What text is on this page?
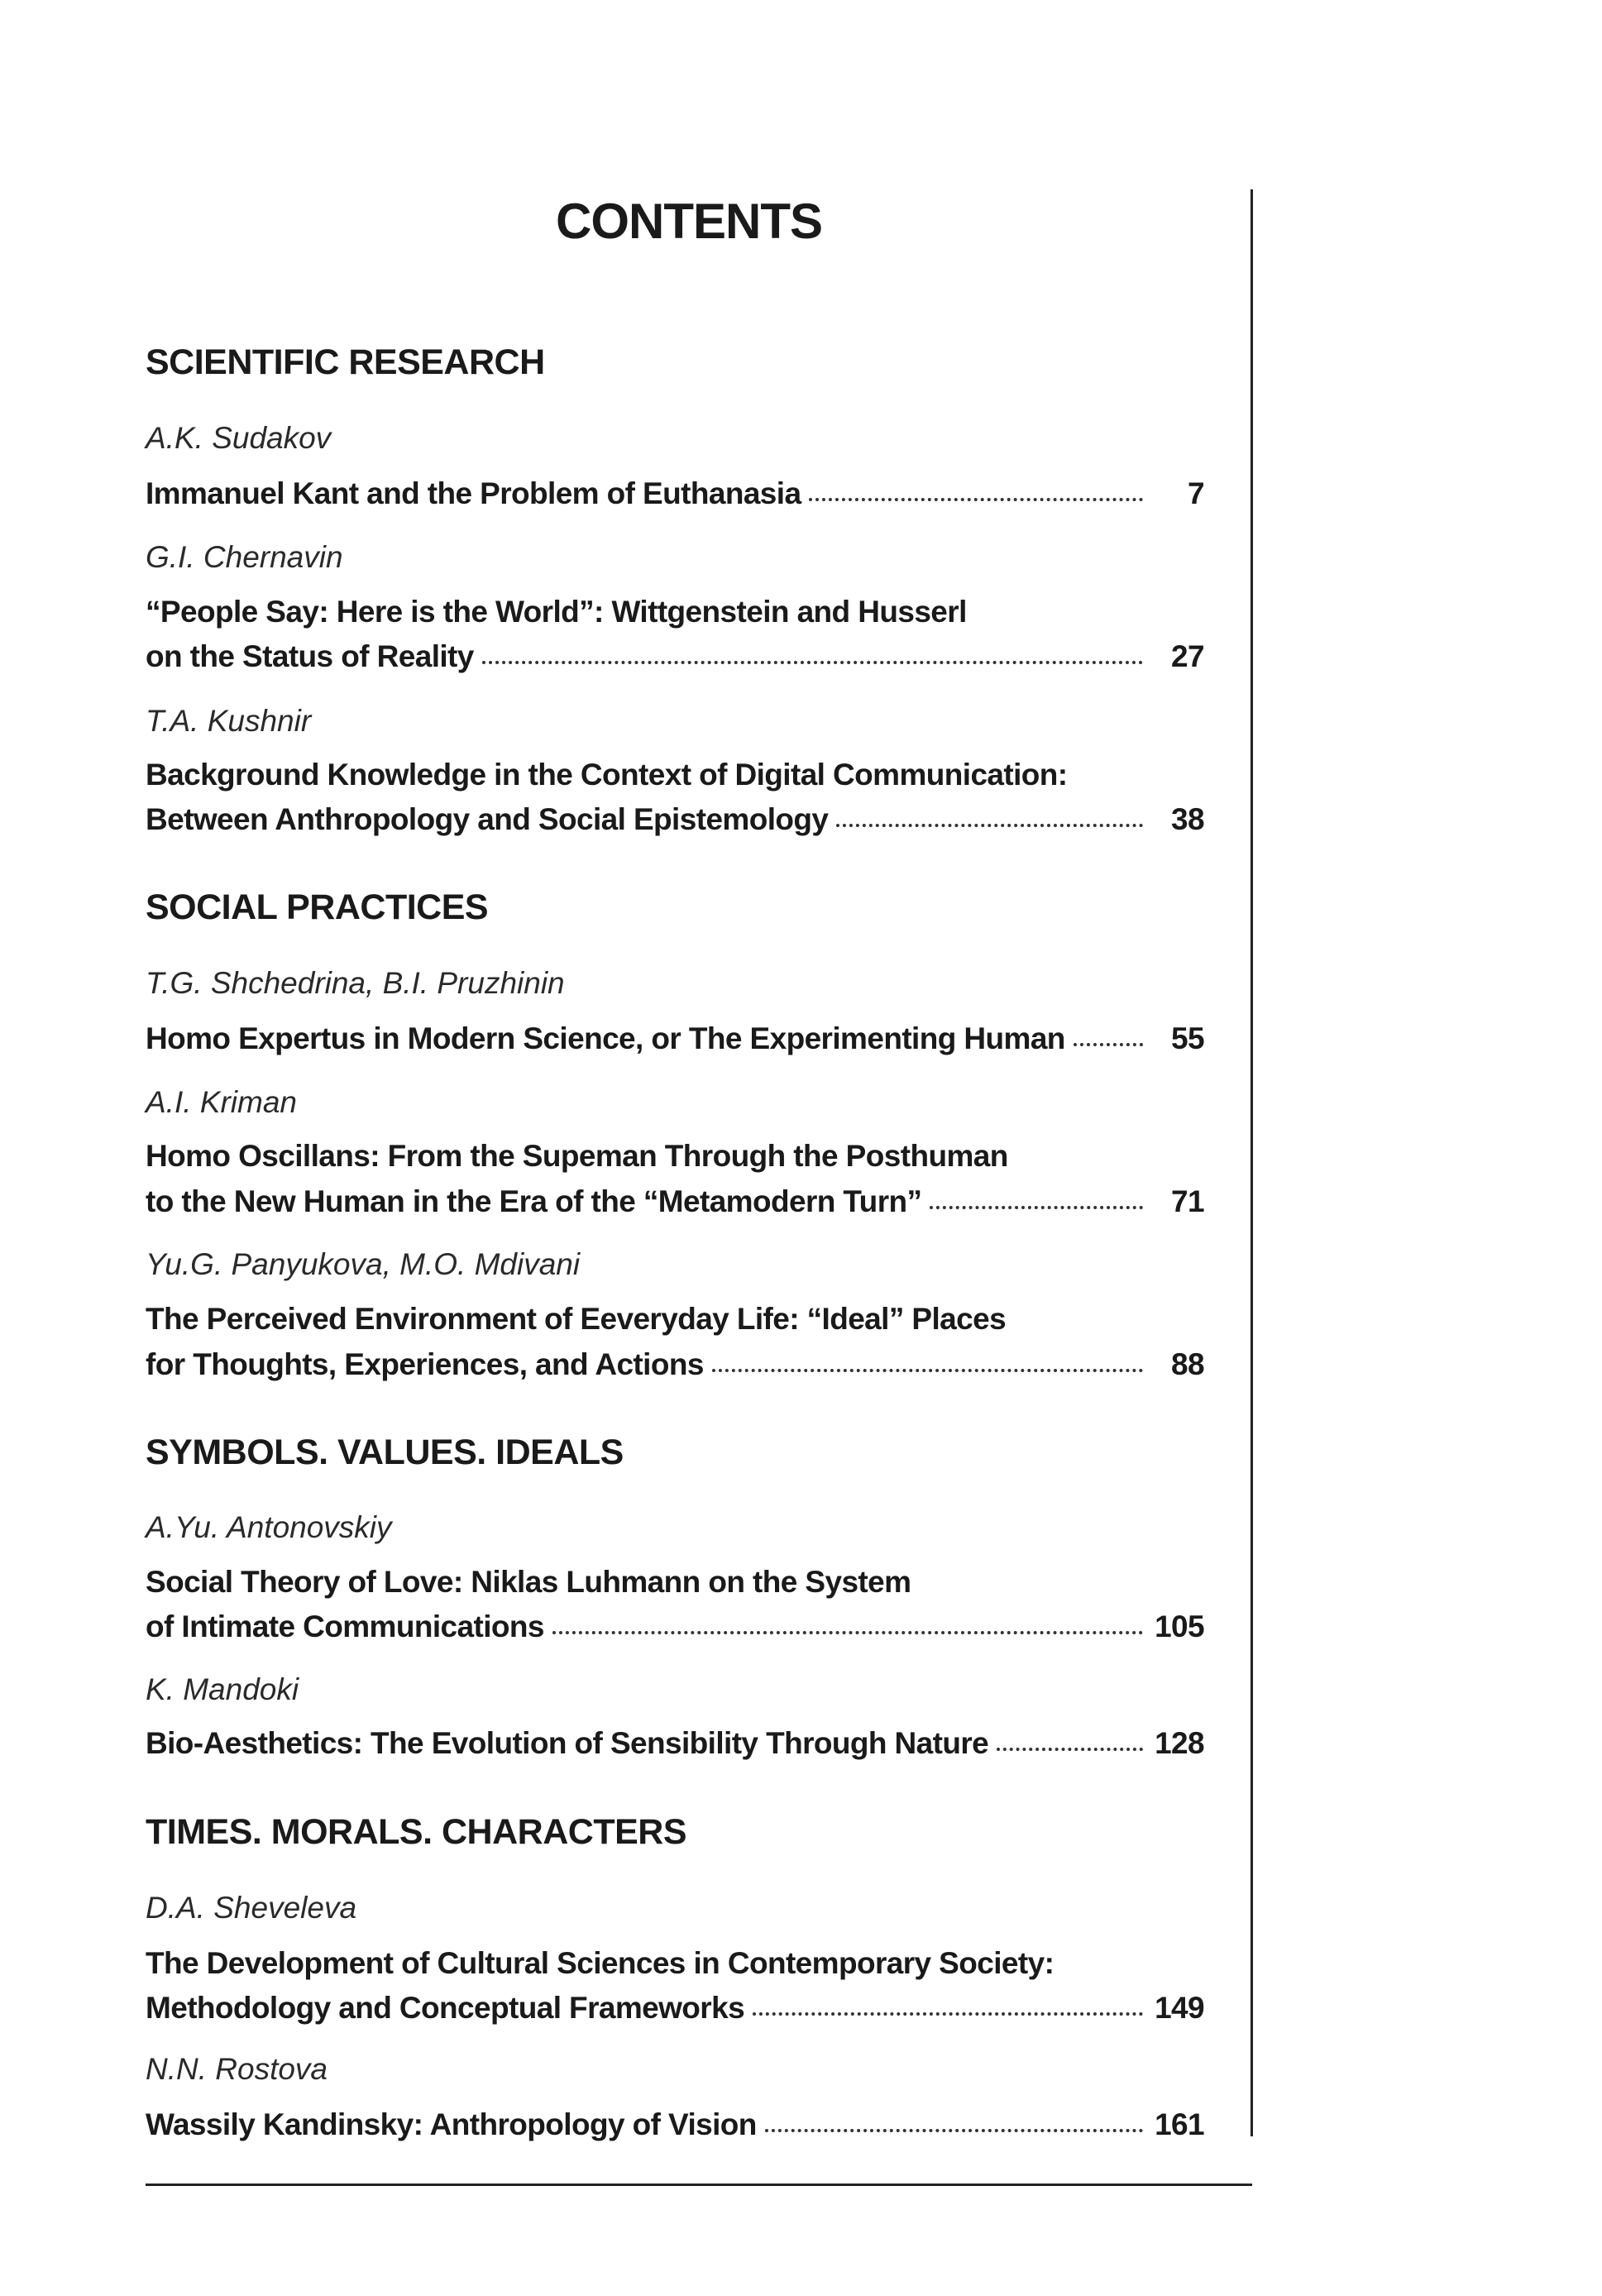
CONTENTS
SCIENTIFIC RESEARCH
A.K. Sudakov
Immanuel Kant and the Problem of Euthanasia	7
G.I. Chernavin
“People Say: Here is the World”: Wittgenstein and Husserl
on the Status of Reality	27
T.A. Kushnir
Background Knowledge in the Context of Digital Communication:
Between Anthropology and Social Epistemology	38
SOCIAL PRACTICES
T.G. Shchedrina, B.I. Pruzhinin
Homo Expertus in Modern Science, or The Experimenting Human	55
A.I. Kriman
Homo Oscillans: From the Supeman Through the Posthuman
to the New Human in the Era of the “Metamodern Turn”	71
Yu.G. Panyukova, M.O. Mdivani
The Perceived Environment of Eeveryday Life: “Ideal” Places
for Thoughts, Experiences, and Actions	88
SYMBOLS. VALUES. IDEALS
A.Yu. Antonovskiy
Social Theory of Love: Niklas Luhmann on the System
of Intimate Communications	105
K. Mandoki
Bio-Aesthetics: The Evolution of Sensibility Through Nature	128
TIMES. MORALS. CHARACTERS
D.A. Sheveleva
The Development of Cultural Sciences in Contemporary Society:
Methodology and Conceptual Frameworks	149
N.N. Rostova
Wassily Kandinsky: Anthropology of Vision	161
